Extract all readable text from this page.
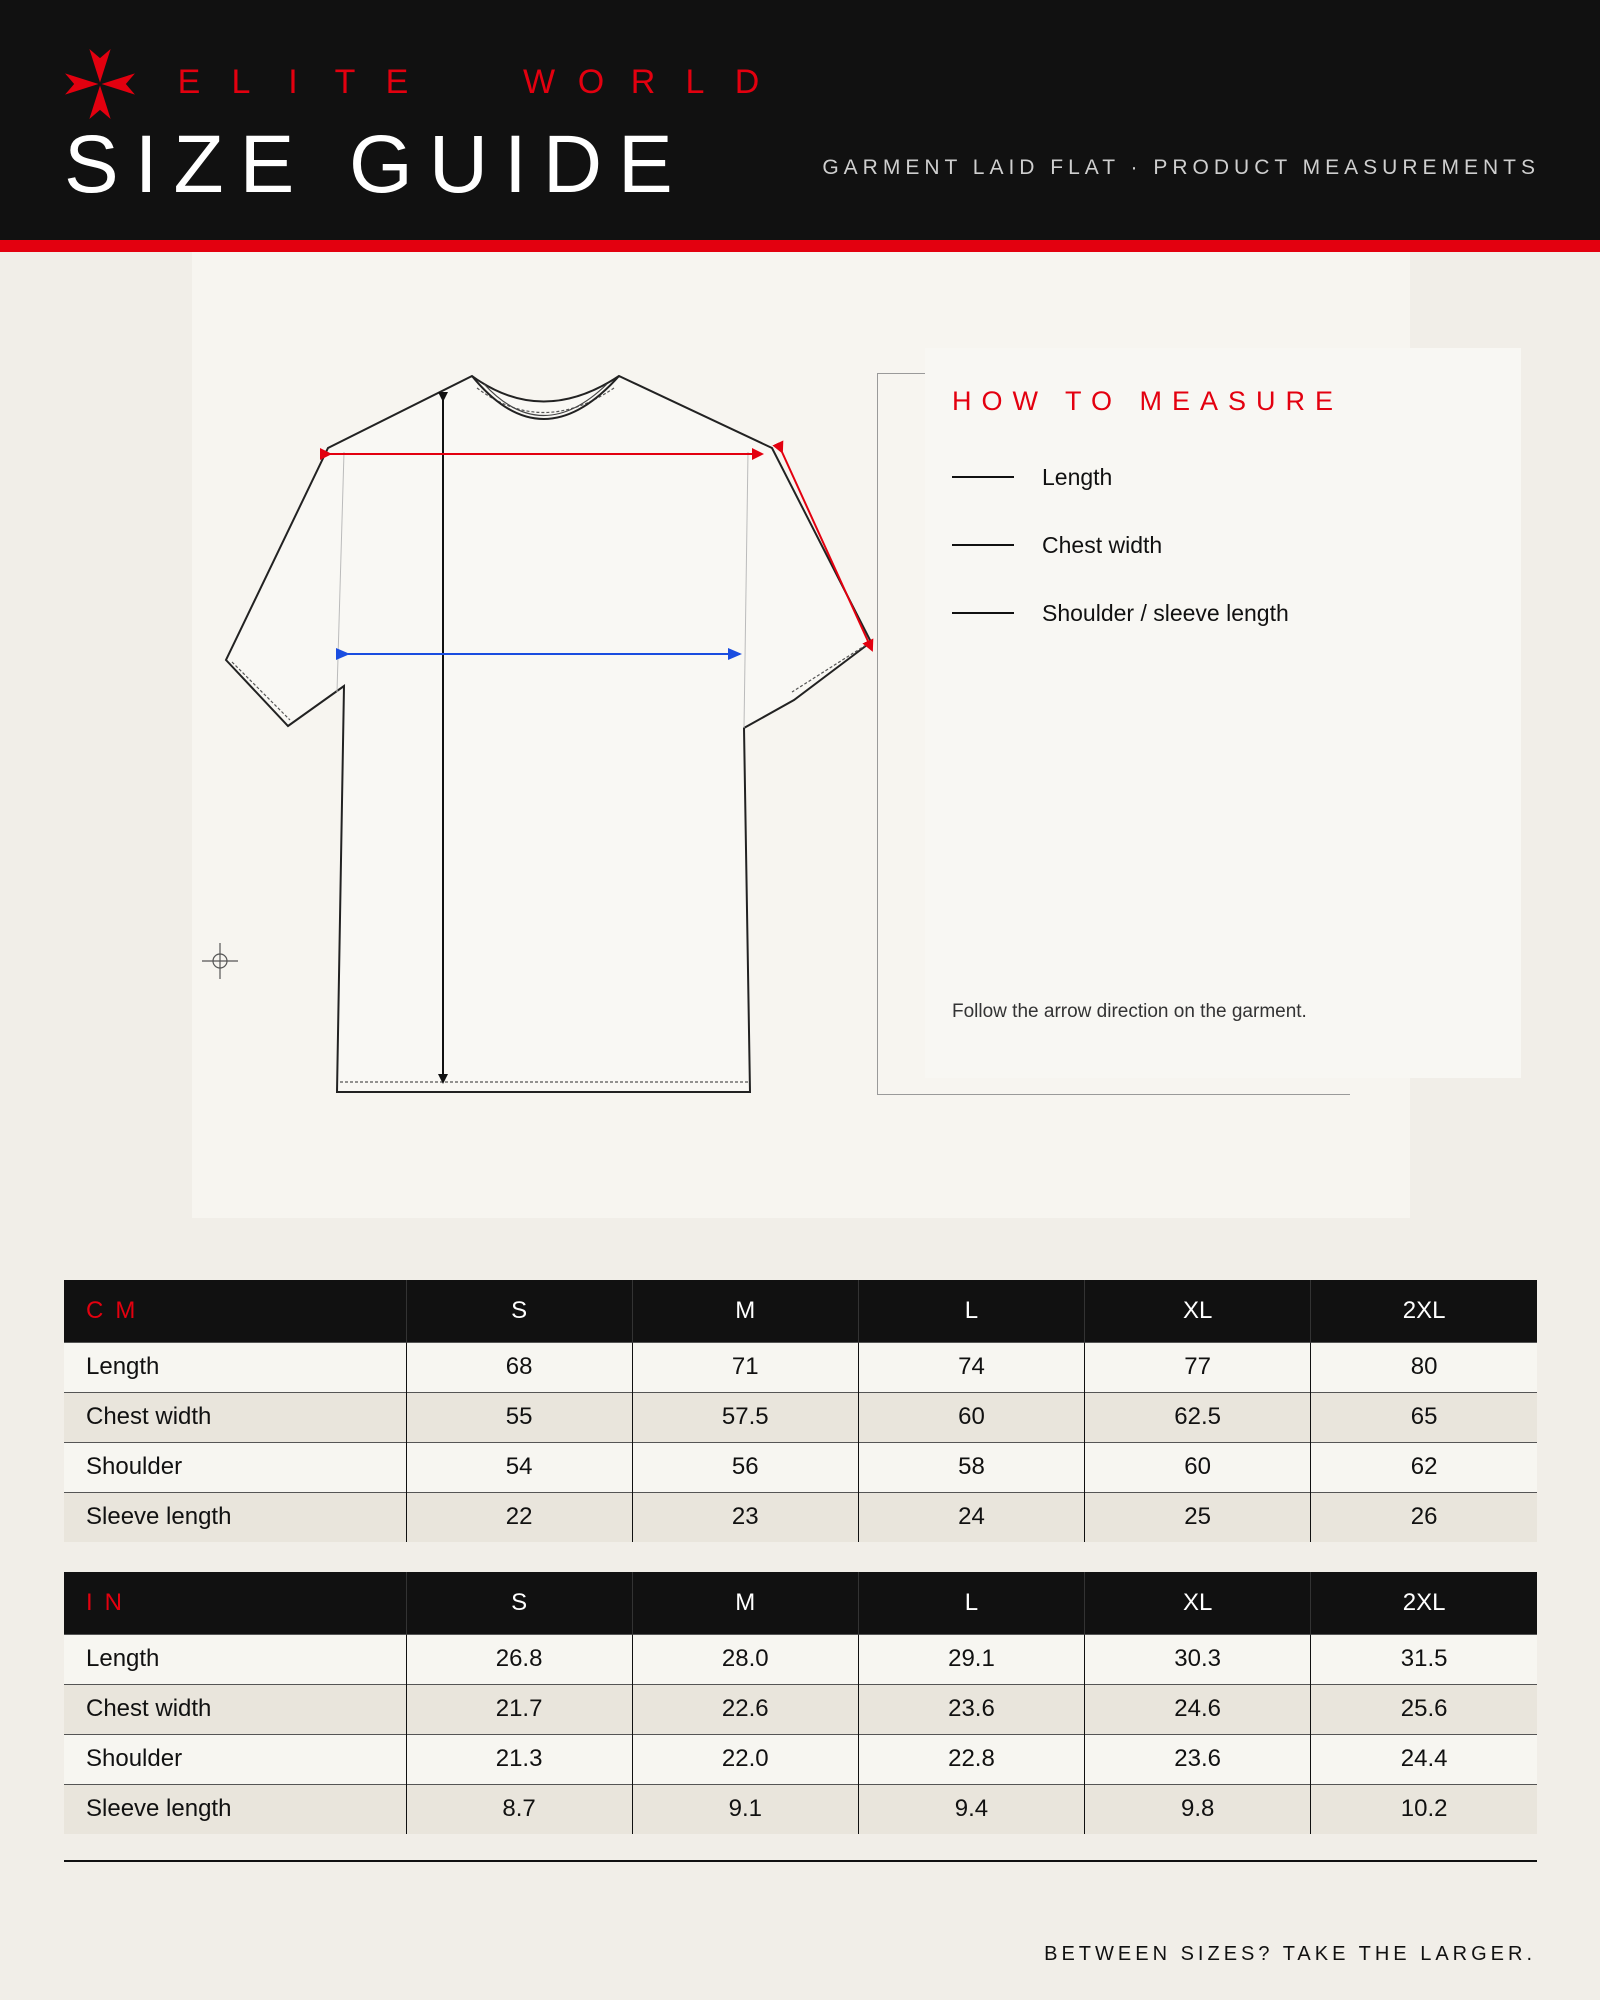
E L I T E	W O R L D
SIZE GUIDE	GARMENT LAID FLAT · PRODUCT MEASUREMENTS
HOW TO MEASURE
Length
Chest width
Shoulder / sleeve length
Follow the arrow direction on the garment.
CM	S	M	L	XL	2XL
Length	68	71	74	77	80
Chest width	55	57.5	60	62.5	65
Shoulder	54	56	58	60	62
Sleeve length	22	23	24	25	26
IN	S	M	L	XL	2XL
Length	26.8	28.0	29.1	30.3	31.5
Chest width	21.7	22.6	23.6	24.6	25.6
Shoulder	21.3	22.0	22.8	23.6	24.4
Sleeve length	8.7	9.1	9.4	9.8	10.2
BETWEEN SIZES? TAKE THE LARGER.
